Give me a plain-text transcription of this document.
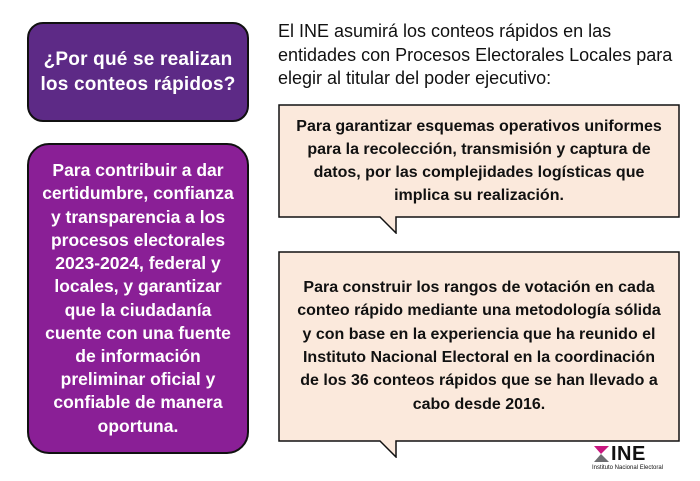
¿Por qué se realizan los conteos rápidos?
Para contribuir a dar certidumbre, confianza y transparencia a los procesos electorales 2023-2024, federal y locales, y garantizar que la ciudadanía cuente con una fuente de información preliminar oficial y confiable de manera oportuna.
El INE asumirá los conteos rápidos en las entidades con Procesos Electorales Locales para elegir al titular del poder ejecutivo:
Para garantizar esquemas operativos uniformes para la recolección, transmisión y captura de datos, por las complejidades logísticas que implica su realización.
Para construir los rangos de votación en cada conteo rápido mediante una metodología sólida y con base en la experiencia que ha reunido el Instituto Nacional Electoral en la coordinación de los 36 conteos rápidos que se han llevado a cabo desde 2016.
INE
Instituto Nacional Electoral
